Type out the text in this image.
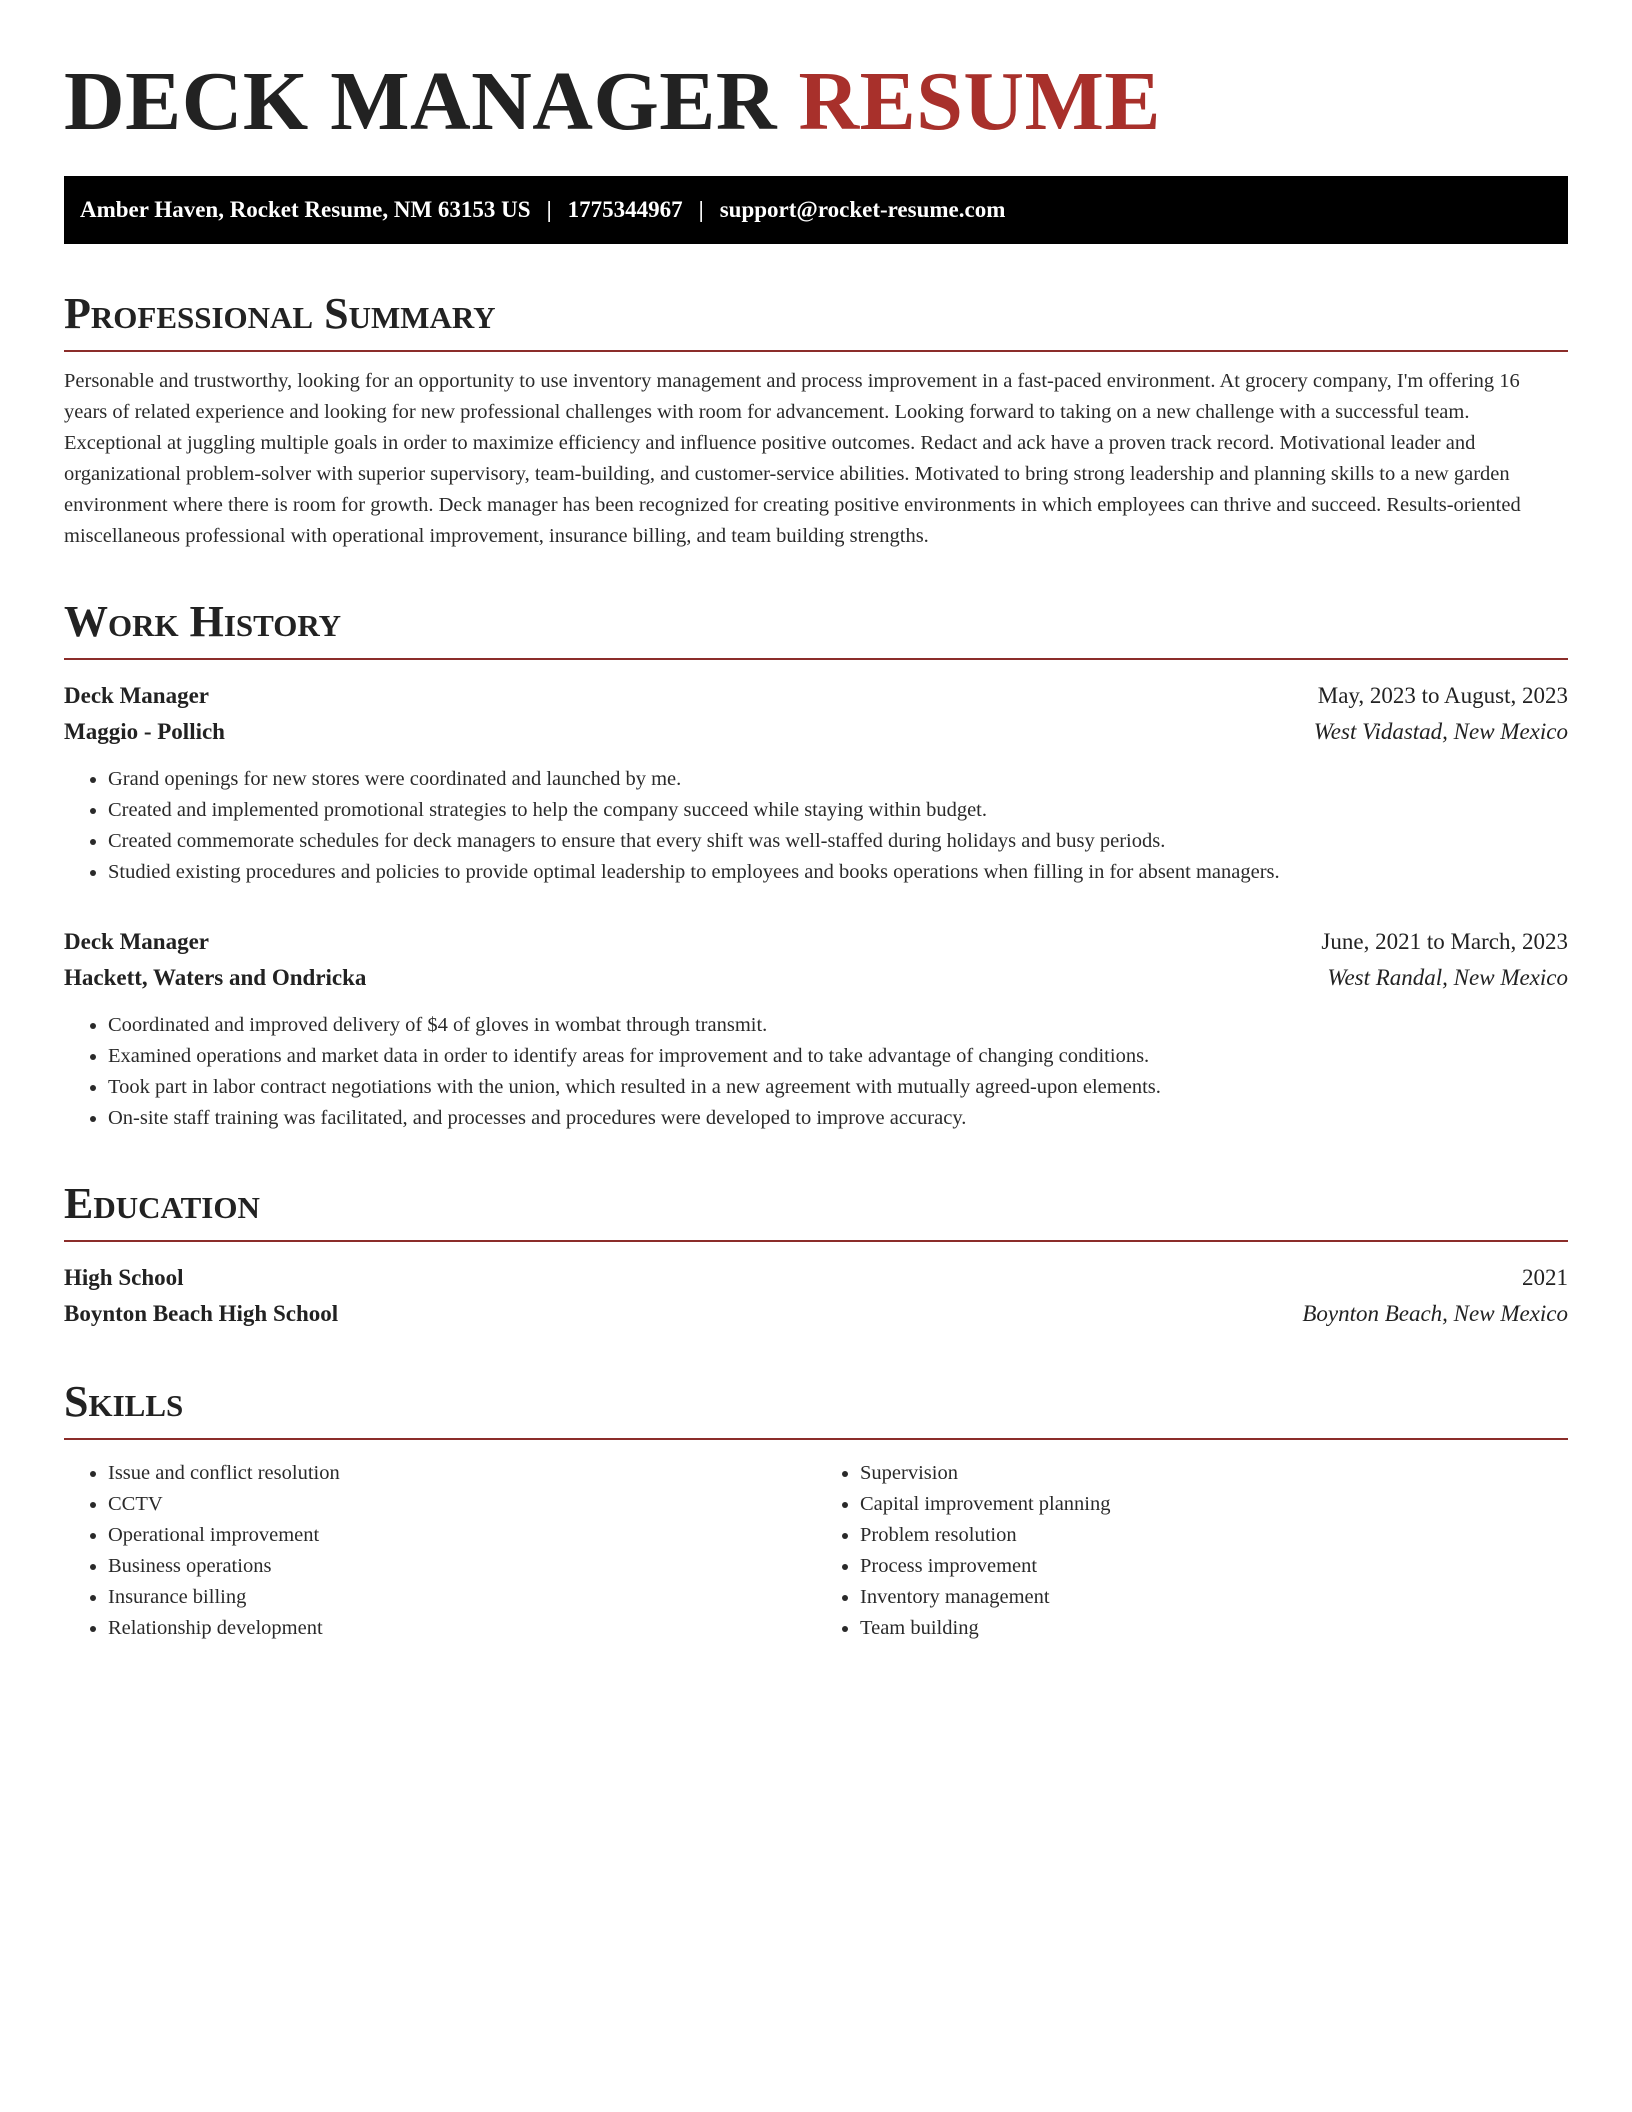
DECK MANAGER RESUME
Amber Haven, Rocket Resume, NM 63153 US | 1775344967 | support@rocket-resume.com
Professional Summary

Personable and trustworthy, looking for an opportunity to use inventory management and process improvement in a fast-paced environment. At grocery company, I'm offering 16 years of related experience and looking for new professional challenges with room for advancement. Looking forward to taking on a new challenge with a successful team. Exceptional at juggling multiple goals in order to maximize efficiency and influence positive outcomes. Redact and ack have a proven track record. Motivational leader and organizational problem-solver with superior supervisory, team-building, and customer-service abilities. Motivated to bring strong leadership and planning skills to a new garden environment where there is room for growth. Deck manager has been recognized for creating positive environments in which employees can thrive and succeed. Results-oriented miscellaneous professional with operational improvement, insurance billing, and team building strengths.

Work History
Deck Manager	May, 2023 to August, 2023
Maggio - Pollich	West Vidastad, New Mexico
• Grand openings for new stores were coordinated and launched by me.
• Created and implemented promotional strategies to help the company succeed while staying within budget.
• Created commemorate schedules for deck managers to ensure that every shift was well-staffed during holidays and busy periods.
• Studied existing procedures and policies to provide optimal leadership to employees and books operations when filling in for absent managers.
Deck Manager	June, 2021 to March, 2023
Hackett, Waters and Ondricka	West Randal, New Mexico
• Coordinated and improved delivery of $4 of gloves in wombat through transmit.
• Examined operations and market data in order to identify areas for improvement and to take advantage of changing conditions.
• Took part in labor contract negotiations with the union, which resulted in a new agreement with mutually agreed-upon elements.
• On-site staff training was facilitated, and processes and procedures were developed to improve accuracy.
Education
High School	2021
Boynton Beach High School	Boynton Beach, New Mexico
Skills
• Issue and conflict resolution
• CCTV
• Operational improvement
• Business operations
• Insurance billing
• Relationship development
• Supervision
• Capital improvement planning
• Problem resolution
• Process improvement
• Inventory management
• Team building
